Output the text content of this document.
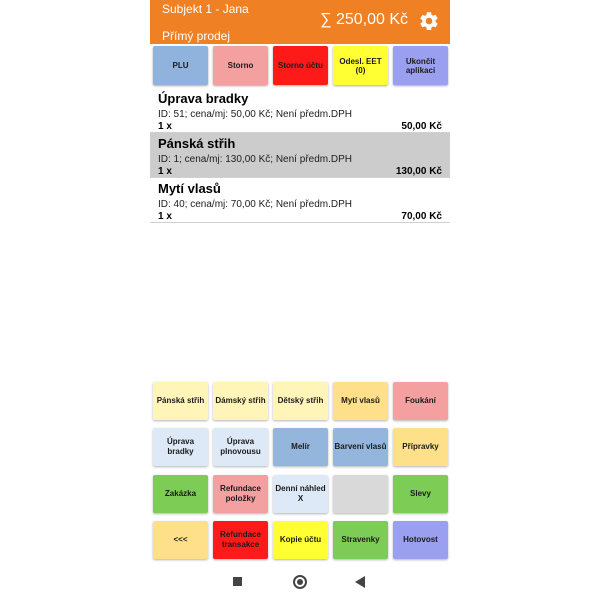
Subjekt 1 - Jana
Přímý prodej
∑ 250,00 Kč
PLU	Storno	Storno účtu	Odesl. EET
(0)
Ukončit
aplikaci
Úprava bradky
ID: 51; cena/mj: 50,00 Kč; Není předm.DPH
1 x	50,00 Kč
Pánská střih
ID: 1; cena/mj: 130,00 Kč; Není předm.DPH
1 x	130,00 Kč
Mytí vlasů
ID: 40; cena/mj: 70,00 Kč; Není předm.DPH
1 x	70,00 Kč
Pánská střih	Dámský střih	Dětský střih	Mytí vlasů	Foukání
Úprava
bradky
Úprava
plnovousu
Melír	Barvení vlasů	Přípravky
Zakázka
Refundace
položky
Denní náhled
X
Slevy
<<<
Refundace
transakce
Kopie účtu	Stravenky	Hotovost
